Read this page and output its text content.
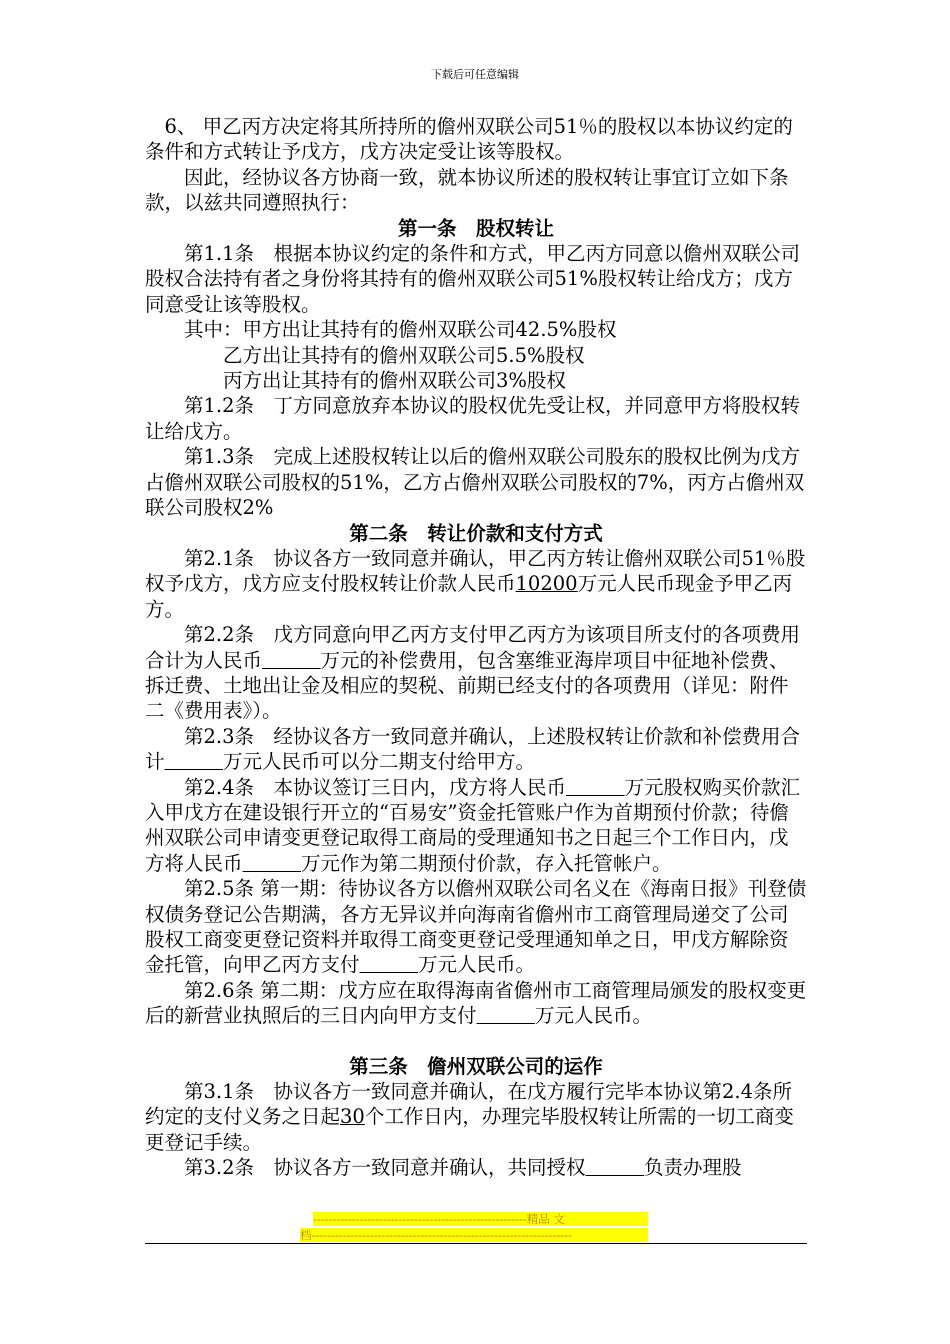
下载后可任意编辑

6、 甲乙丙方决定将其所持所的儋州双联公司51％的股权以本协议约定的条件和方式转让予戊方，戊方决定受让该等股权。

因此，经协议各方协商一致，就本协议所述的股权转让事宜订立如下条款，以兹共同遵照执行：

第一条　股权转让

第1.1条　根据本协议约定的条件和方式，甲乙丙方同意以儋州双联公司股权合法持有者之身份将其持有的儋州双联公司51%股权转让给戊方；戊方同意受让该等股权。

其中：甲方出让其持有的儋州双联公司42.5%股权

乙方出让其持有的儋州双联公司5.5%股权

丙方出让其持有的儋州双联公司3%股权

第1.2条　丁方同意放弃本协议的股权优先受让权，并同意甲方将股权转让给戊方。

第1.3条　完成上述股权转让以后的儋州双联公司股东的股权比例为戊方占儋州双联公司股权的51%，乙方占儋州双联公司股权的7%，丙方占儋州双联公司股权2%

第二条　转让价款和支付方式

第2.1条　协议各方一致同意并确认，甲乙丙方转让儋州双联公司51％股权予戊方，戊方应支付股权转让价款人民币10200万元人民币现金予甲乙丙方。

第2.2条　戊方同意向甲乙丙方支付甲乙丙方为该项目所支付的各项费用合计为人民币　　　	万元的补偿费用，包含塞维亚海岸项目中征地补偿费、拆迁费、土地出让金及相应的契税、前期已经支付的各项费用（详见：附件二《费用表》）。

第2.3条　经协议各方一致同意并确认，上述股权转让价款和补偿费用合计　　　	万元人民币可以分二期支付给甲方。

第2.4条　本协议签订三日内，戊方将人民币　　　	万元股权购买价款汇入甲戊方在建设银行开立的“百易安”资金托管账户作为首期预付价款；待儋州双联公司申请变更登记取得工商局的受理通知书之日起三个工作日内，戊方将人民币　　　	万元作为第二期预付价款，存入托管帐户。

第2.5条 第一期：待协议各方以儋州双联公司名义在《海南日报》刊登债权债务登记公告期满，各方无异议并向海南省儋州市工商管理局递交了公司股权工商变更登记资料并取得工商变更登记受理通知单之日，甲戊方解除资金托管，向甲乙丙方支付　　　	万元人民币。

第2.6条 第二期：戊方应在取得海南省儋州市工商管理局颁发的股权变更后的新营业执照后的三日内向甲方支付　　　	万元人民币。

第三条　儋州双联公司的运作

第3.1条　协议各方一致同意并确认，在戊方履行完毕本协议第2.4条所约定的支付义务之日起30个工作日内，办理完毕股权转让所需的一切工商变更登记手续。

第3.2条　协议各方一致同意并确认，共同授权　　　	负责办理股

-------------------------------------------------------精品 文
档-------------------------------------------------------------------
